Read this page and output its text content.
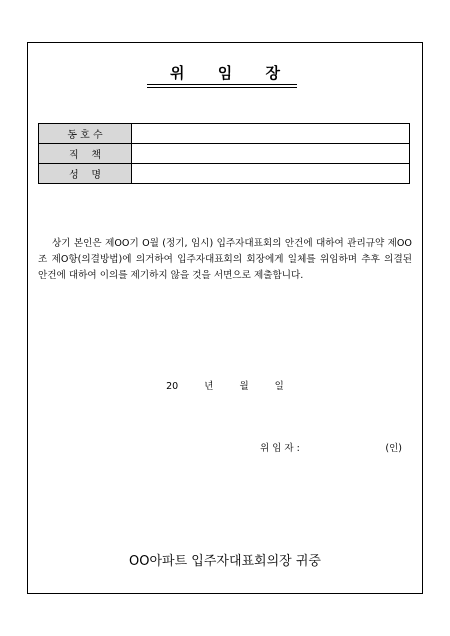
위 임 장
동 호 수	
직    책	
성    명	

상기 본인은 제OO기 O월 (정기, 임시) 입주자대표회의 안건에 대하여 관리규약 제OO조 제O항(의결방법)에 의거하여 입주자대표회의 회장에게 일체를 위임하며 추후 의결된 안건에 대하여 이의를 제기하지 않을 것을 서면으로 제출합니다.

20  년  월  일
위 임 자 :	(인)
OO아파트 입주자대표회의장 귀중
